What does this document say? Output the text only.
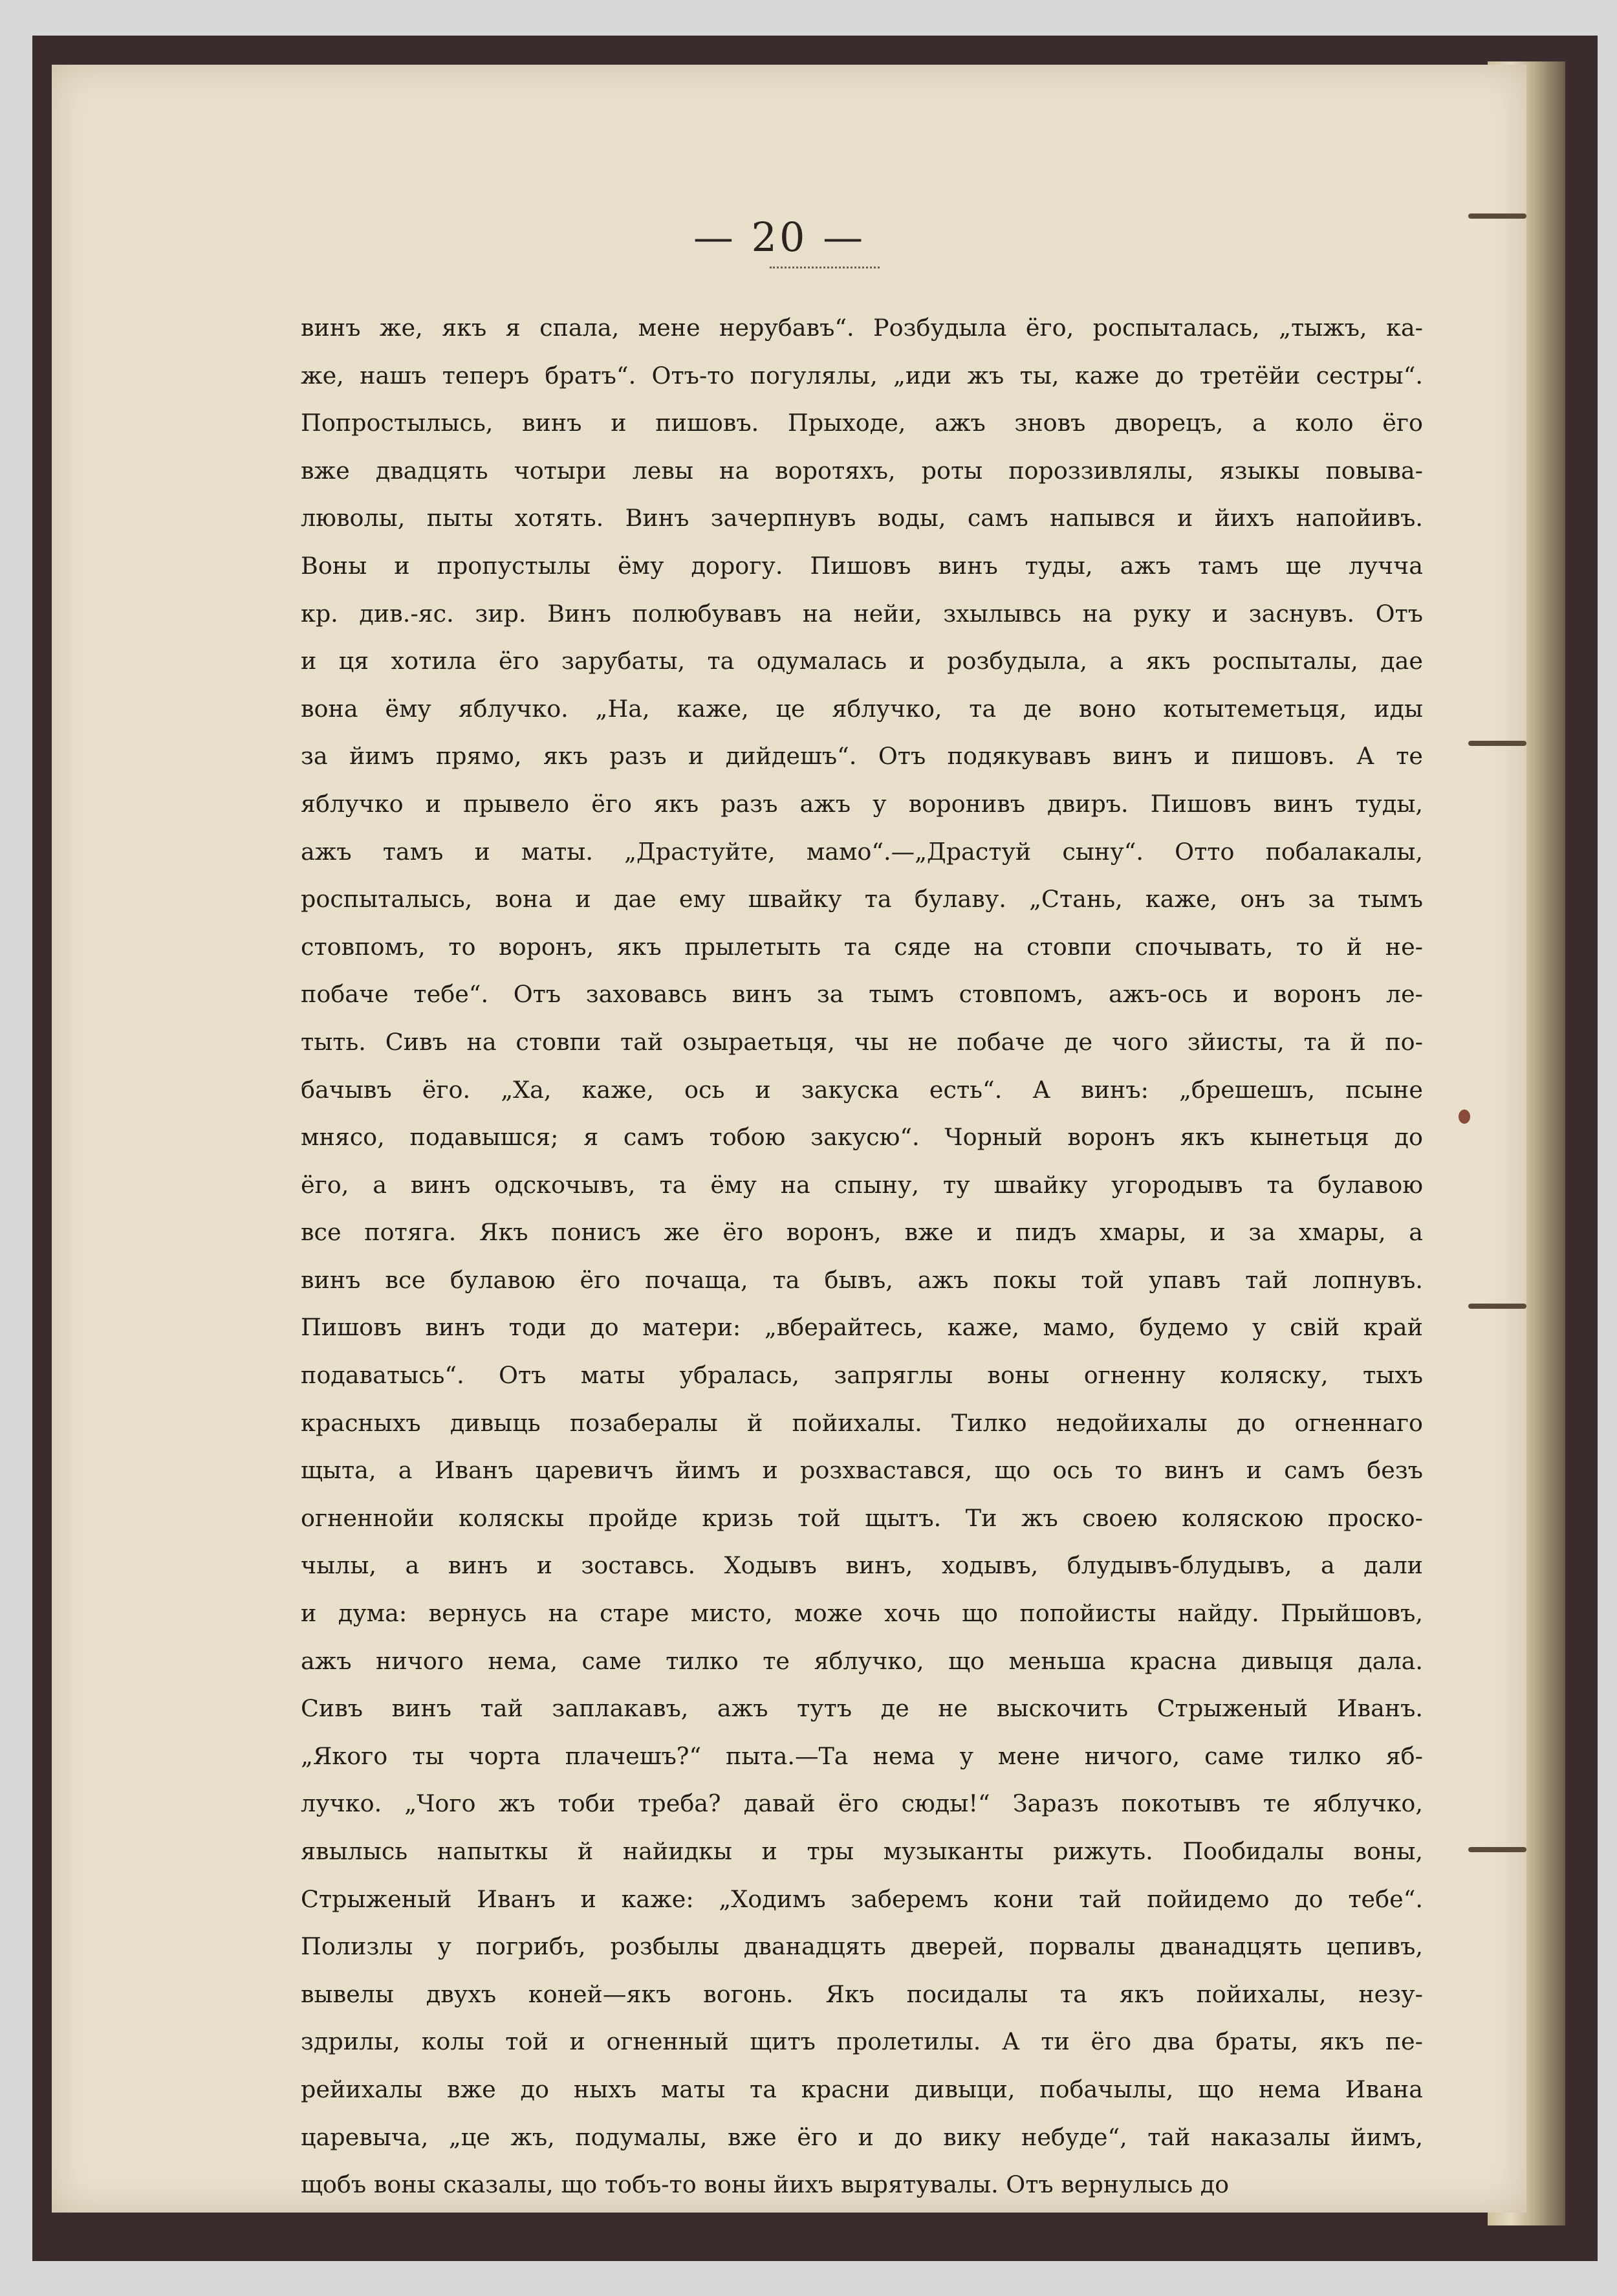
— 20 —
винъ же, якъ я спала, мене нерубавъ“. Розбудыла ёго, роспыталась, „тыжъ, ка-
же, нашъ теперъ братъ“. Отъ-то погулялы, „иди жъ ты, каже до третёйи сестры“.
Попростылысь, винъ и пишовъ. Прыходе, ажъ зновъ дворецъ, а коло ёго
вже двадцять чотыри левы на воротяхъ, роты пороззивлялы, языкы повыва-
люволы, пыты хотять. Винъ зачерпнувъ воды, самъ напывся и йихъ напойивъ.
Воны и пропустылы ёму дорогу. Пишовъ винъ туды, ажъ тамъ ще лучча
кр. див.-яс. зир. Винъ полюбувавъ на нейи, зхылывсь на руку и заснувъ. Отъ
и ця хотила ёго зарубаты, та одумалась и розбудыла, а якъ роспыталы, дае
вона ёму яблучко. „На, каже, це яблучко, та де воно котытеметьця, иды
за йимъ прямо, якъ разъ и дийдешъ“. Отъ подякувавъ винъ и пишовъ. А те
яблучко и прывело ёго якъ разъ ажъ у воронивъ двиръ. Пишовъ винъ туды,
ажъ тамъ и маты. „Драстуйте, мамо“.—„Драстуй сыну“. Отто побалакалы,
роспыталысь, вона и дае ему швайку та булаву. „Стань, каже, онъ за тымъ
стовпомъ, то воронъ, якъ прылетыть та сяде на стовпи спочывать, то й не-
побаче тебе“. Отъ заховавсь винъ за тымъ стовпомъ, ажъ-ось и воронъ ле-
тыть. Сивъ на стовпи тай озыраетьця, чы не побаче де чого зйисты, та й по-
бачывъ ёго. „Ха, каже, ось и закуска есть“. А винъ: „брешешъ, псыне
мнясо, подавышся; я самъ тобою закусю“. Чорный воронъ якъ кынетьця до
ёго, а винъ одскочывъ, та ёму на спыну, ту швайку угородывъ та булавою
все потяга. Якъ понисъ же ёго воронъ, вже и пидъ хмары, и за хмары, а
винъ все булавою ёго почаща, та бывъ, ажъ покы той упавъ тай лопнувъ.
Пишовъ винъ тоди до матери: „вберайтесь, каже, мамо, будемо у свій край
подаватысь“. Отъ маты убралась, запряглы воны огненну коляску, тыхъ
красныхъ дивыць позабералы й пойихалы. Тилко недойихалы до огненнаго
щыта, а Иванъ царевичъ йимъ и розхвастався, що ось то винъ и самъ безъ
огненнойи коляскы пройде кризь той щытъ. Ти жъ своею коляскою проско-
чылы, а винъ и зоставсь. Ходывъ винъ, ходывъ, блудывъ-блудывъ, а дали
и дума: вернусь на старе мисто, може хочь що попойисты найду. Прыйшовъ,
ажъ ничого нема, саме тилко те яблучко, що меньша красна дивыця дала.
Сивъ винъ тай заплакавъ, ажъ тутъ де не выскочить Стрыженый Иванъ.
„Якого ты чорта плачешъ?“ пыта.—Та нема у мене ничого, саме тилко яб-
лучко. „Чого жъ тоби треба? давай ёго сюды!“ Заразъ покотывъ те яблучко,
явылысь напыткы й найидкы и тры музыканты рижуть. Пообидалы воны,
Стрыженый Иванъ и каже: „Ходимъ заберемъ кони тай пойидемо до тебе“.
Полизлы у погрибъ, розбылы дванадцять дверей, порвалы дванадцять цепивъ,
вывелы двухъ коней—якъ вогонь. Якъ посидалы та якъ пойихалы, незу-
здрилы, колы той и огненный щитъ пролетилы. А ти ёго два браты, якъ пе-
рейихалы вже до ныхъ маты та красни дивыци, побачылы, що нема Ивана
царевыча, „це жъ, подумалы, вже ёго и до вику небуде“, тай наказалы йимъ,
щобъ воны сказалы, що тобъ-то воны йихъ вырятувалы. Отъ вернулысь до
